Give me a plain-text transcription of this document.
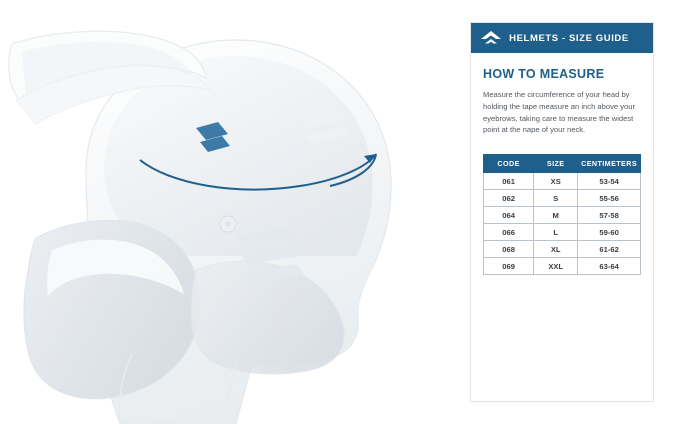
HELMETS - SIZE GUIDE
HOW TO MEASURE

Measure the circumference of your head by holding the tape measure an inch above your eyebrows, taking care to measure the widest point at the nape of your neck.

CODE	SIZE	CENTIMETERS
061	XS	53-54
062	S	55-56
064	M	57-58
066	L	59-60
068	XL	61-62
069	XXL	63-64
